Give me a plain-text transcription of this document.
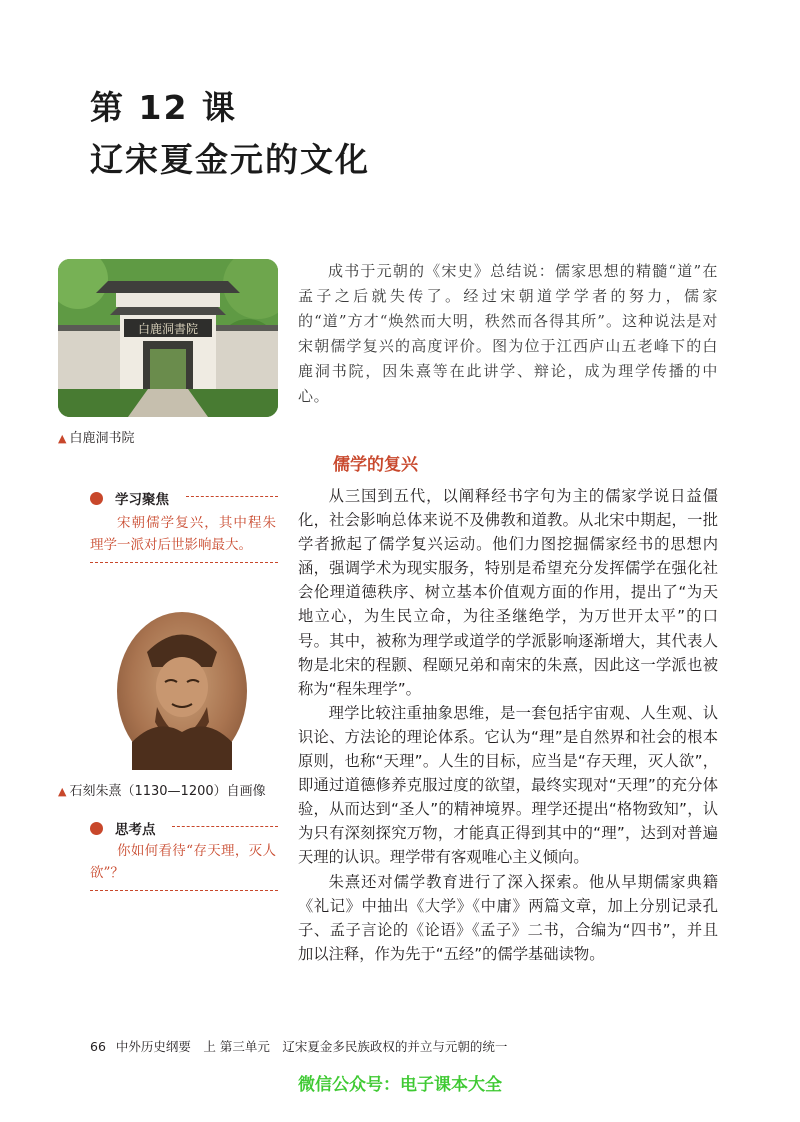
第 12 课
辽宋夏金元的文化
白鹿洞書院
▲ 白鹿洞书院
成书于元朝的《宋史》总结说：儒家思想的精髓“道”在孟子之后就失传了。经过宋朝道学学者的努力，儒家的“道”方才“焕然而大明，秩然而各得其所”。这种说法是对宋朝儒学复兴的高度评价。图为位于江西庐山五老峰下的白鹿洞书院，因朱熹等在此讲学、辩论，成为理学传播的中心。
儒学的复兴

从三国到五代，以阐释经书字句为主的儒家学说日益僵化，社会影响总体来说不及佛教和道教。从北宋中期起，一批学者掀起了儒学复兴运动。他们力图挖掘儒家经书的思想内涵，强调学术为现实服务，特别是希望充分发挥儒学在强化社会伦理道德秩序、树立基本价值观方面的作用，提出了“为天地立心，为生民立命，为往圣继绝学，为万世开太平”的口号。其中，被称为理学或道学的学派影响逐渐增大，其代表人物是北宋的程颢、程颐兄弟和南宋的朱熹，因此这一学派也被称为“程朱理学”。

理学比较注重抽象思维，是一套包括宇宙观、人生观、认识论、方法论的理论体系。它认为“理”是自然界和社会的根本原则，也称“天理”。人生的目标，应当是“存天理，灭人欲”，即通过道德修养克服过度的欲望，最终实现对“天理”的充分体验，从而达到“圣人”的精神境界。理学还提出“格物致知”，认为只有深刻探究万物，才能真正得到其中的“理”，达到对普遍天理的认识。理学带有客观唯心主义倾向。

朱熹还对儒学教育进行了深入探索。他从早期儒家典籍《礼记》中抽出《大学》《中庸》两篇文章，加上分别记录孔子、孟子言论的《论语》《孟子》二书，合编为“四书”，并且加以注释，作为先于“五经”的儒学基础读物。

学习聚焦
宋朝儒学复兴，其中程朱理学一派对后世影响最大。
▲ 石刻朱熹（1130—1200）自画像
思考点
你如何看待“存天理，灭人欲”？
66 中外历史纲要　上 第三单元　辽宋夏金多民族政权的并立与元朝的统一
微信公众号：电子课本大全
